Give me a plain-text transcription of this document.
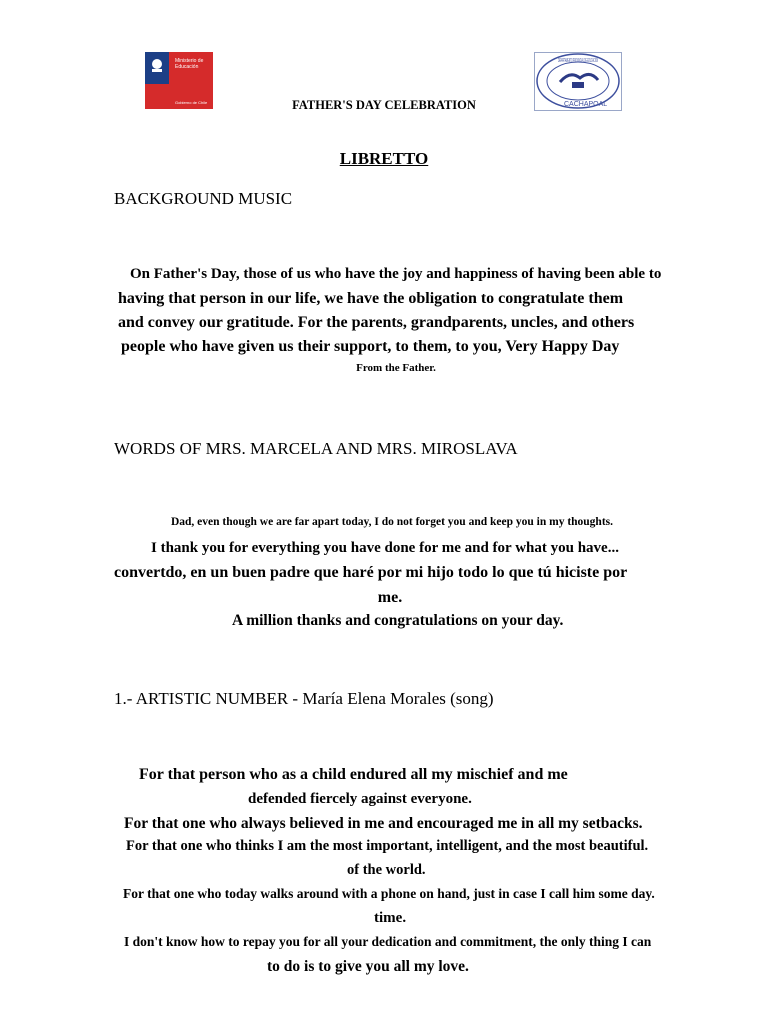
Ministerio de
Educación
Gobierno de Chile	CACHAPOAL
FATHER'S DAY CELEBRATION
LIBRETTO
BACKGROUND MUSIC
On Father's Day, those of us who have the joy and happiness of having been able to
having that person in our life, we have the obligation to congratulate them
and convey our gratitude. For the parents, grandparents, uncles, and others
people who have given us their support, to them, to you, Very Happy Day
From the Father.
WORDS OF MRS. MARCELA AND MRS. MIROSLAVA
Dad, even though we are far apart today, I do not forget you and keep you in my thoughts.
I thank you for everything you have done for me and for what you have...
convertdo, en un buen padre que haré por mi hijo todo lo que tú hiciste por
me.
A million thanks and congratulations on your day.
1.- ARTISTIC NUMBER - María Elena Morales (song)
For that person who as a child endured all my mischief and me
defended fiercely against everyone.
For that one who always believed in me and encouraged me in all my setbacks.
For that one who thinks I am the most important, intelligent, and the most beautiful.
of the world.
For that one who today walks around with a phone on hand, just in case I call him some day.
time.
I don't know how to repay you for all your dedication and commitment, the only thing I can
to do is to give you all my love.
